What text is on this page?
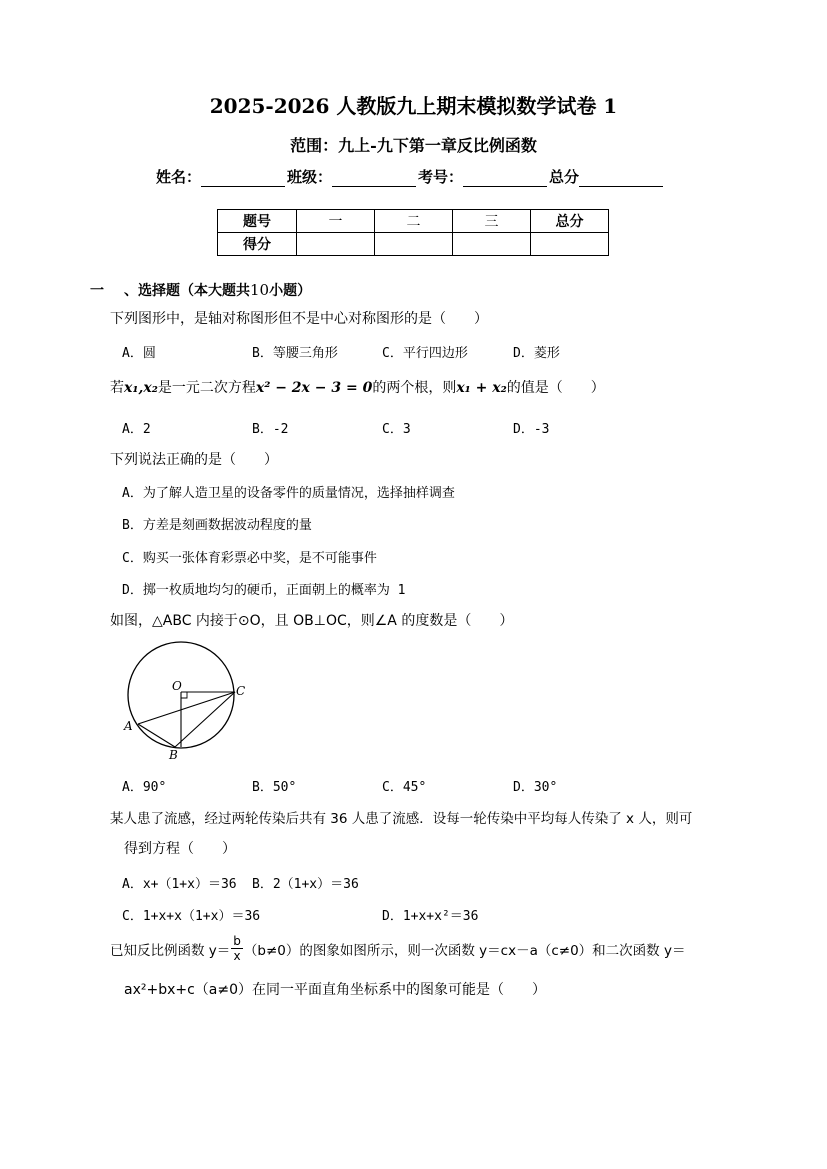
2025-2026 人教版九上期末模拟数学试卷 1
范围：九上-九下第一章反比例函数
姓名：	班级：	考号：	总分
题号	一	二	三	总分
得分				
一 、选择题（本大题共10小题）
下列图形中，是轴对称图形但不是中心对称图形的是（　　）
A．圆	B．等腰三角形	C．平行四边形	D．菱形
若x₁,x₂是一元二次方程x² − 2x − 3 = 0的两个根，则x₁ + x₂的值是（　　）
A．2	B．-2	C．3	D．-3
下列说法正确的是（　　）
A．为了解人造卫星的设备零件的质量情况，选择抽样调查
B．方差是刻画数据波动程度的量
C．购买一张体育彩票必中奖，是不可能事件
D．掷一枚质地均匀的硬币，正面朝上的概率为 1
如图，△ABC 内接于⊙O，且 OB⊥OC，则∠A 的度数是（　　）
O	C
A
B
A．90°	B．50°	C．45°	D．30°
某人患了流感，经过两轮传染后共有 36 人患了流感．设每一轮传染中平均每人传染了 x 人，则可
得到方程（　　）
A．x+（1+x）＝36 B．2（1+x）＝36
C．1+x+x（1+x）＝36	D．1+x+x²＝36
已知反比例函数 $y= \frac{b}{x} (b\ne 0)$的图象如图所示，则一次函数 y＝cx－a（c≠0）和二次函数 y＝
ax²+bx+c（a≠0）在同一平面直角坐标系中的图象可能是（　　）
